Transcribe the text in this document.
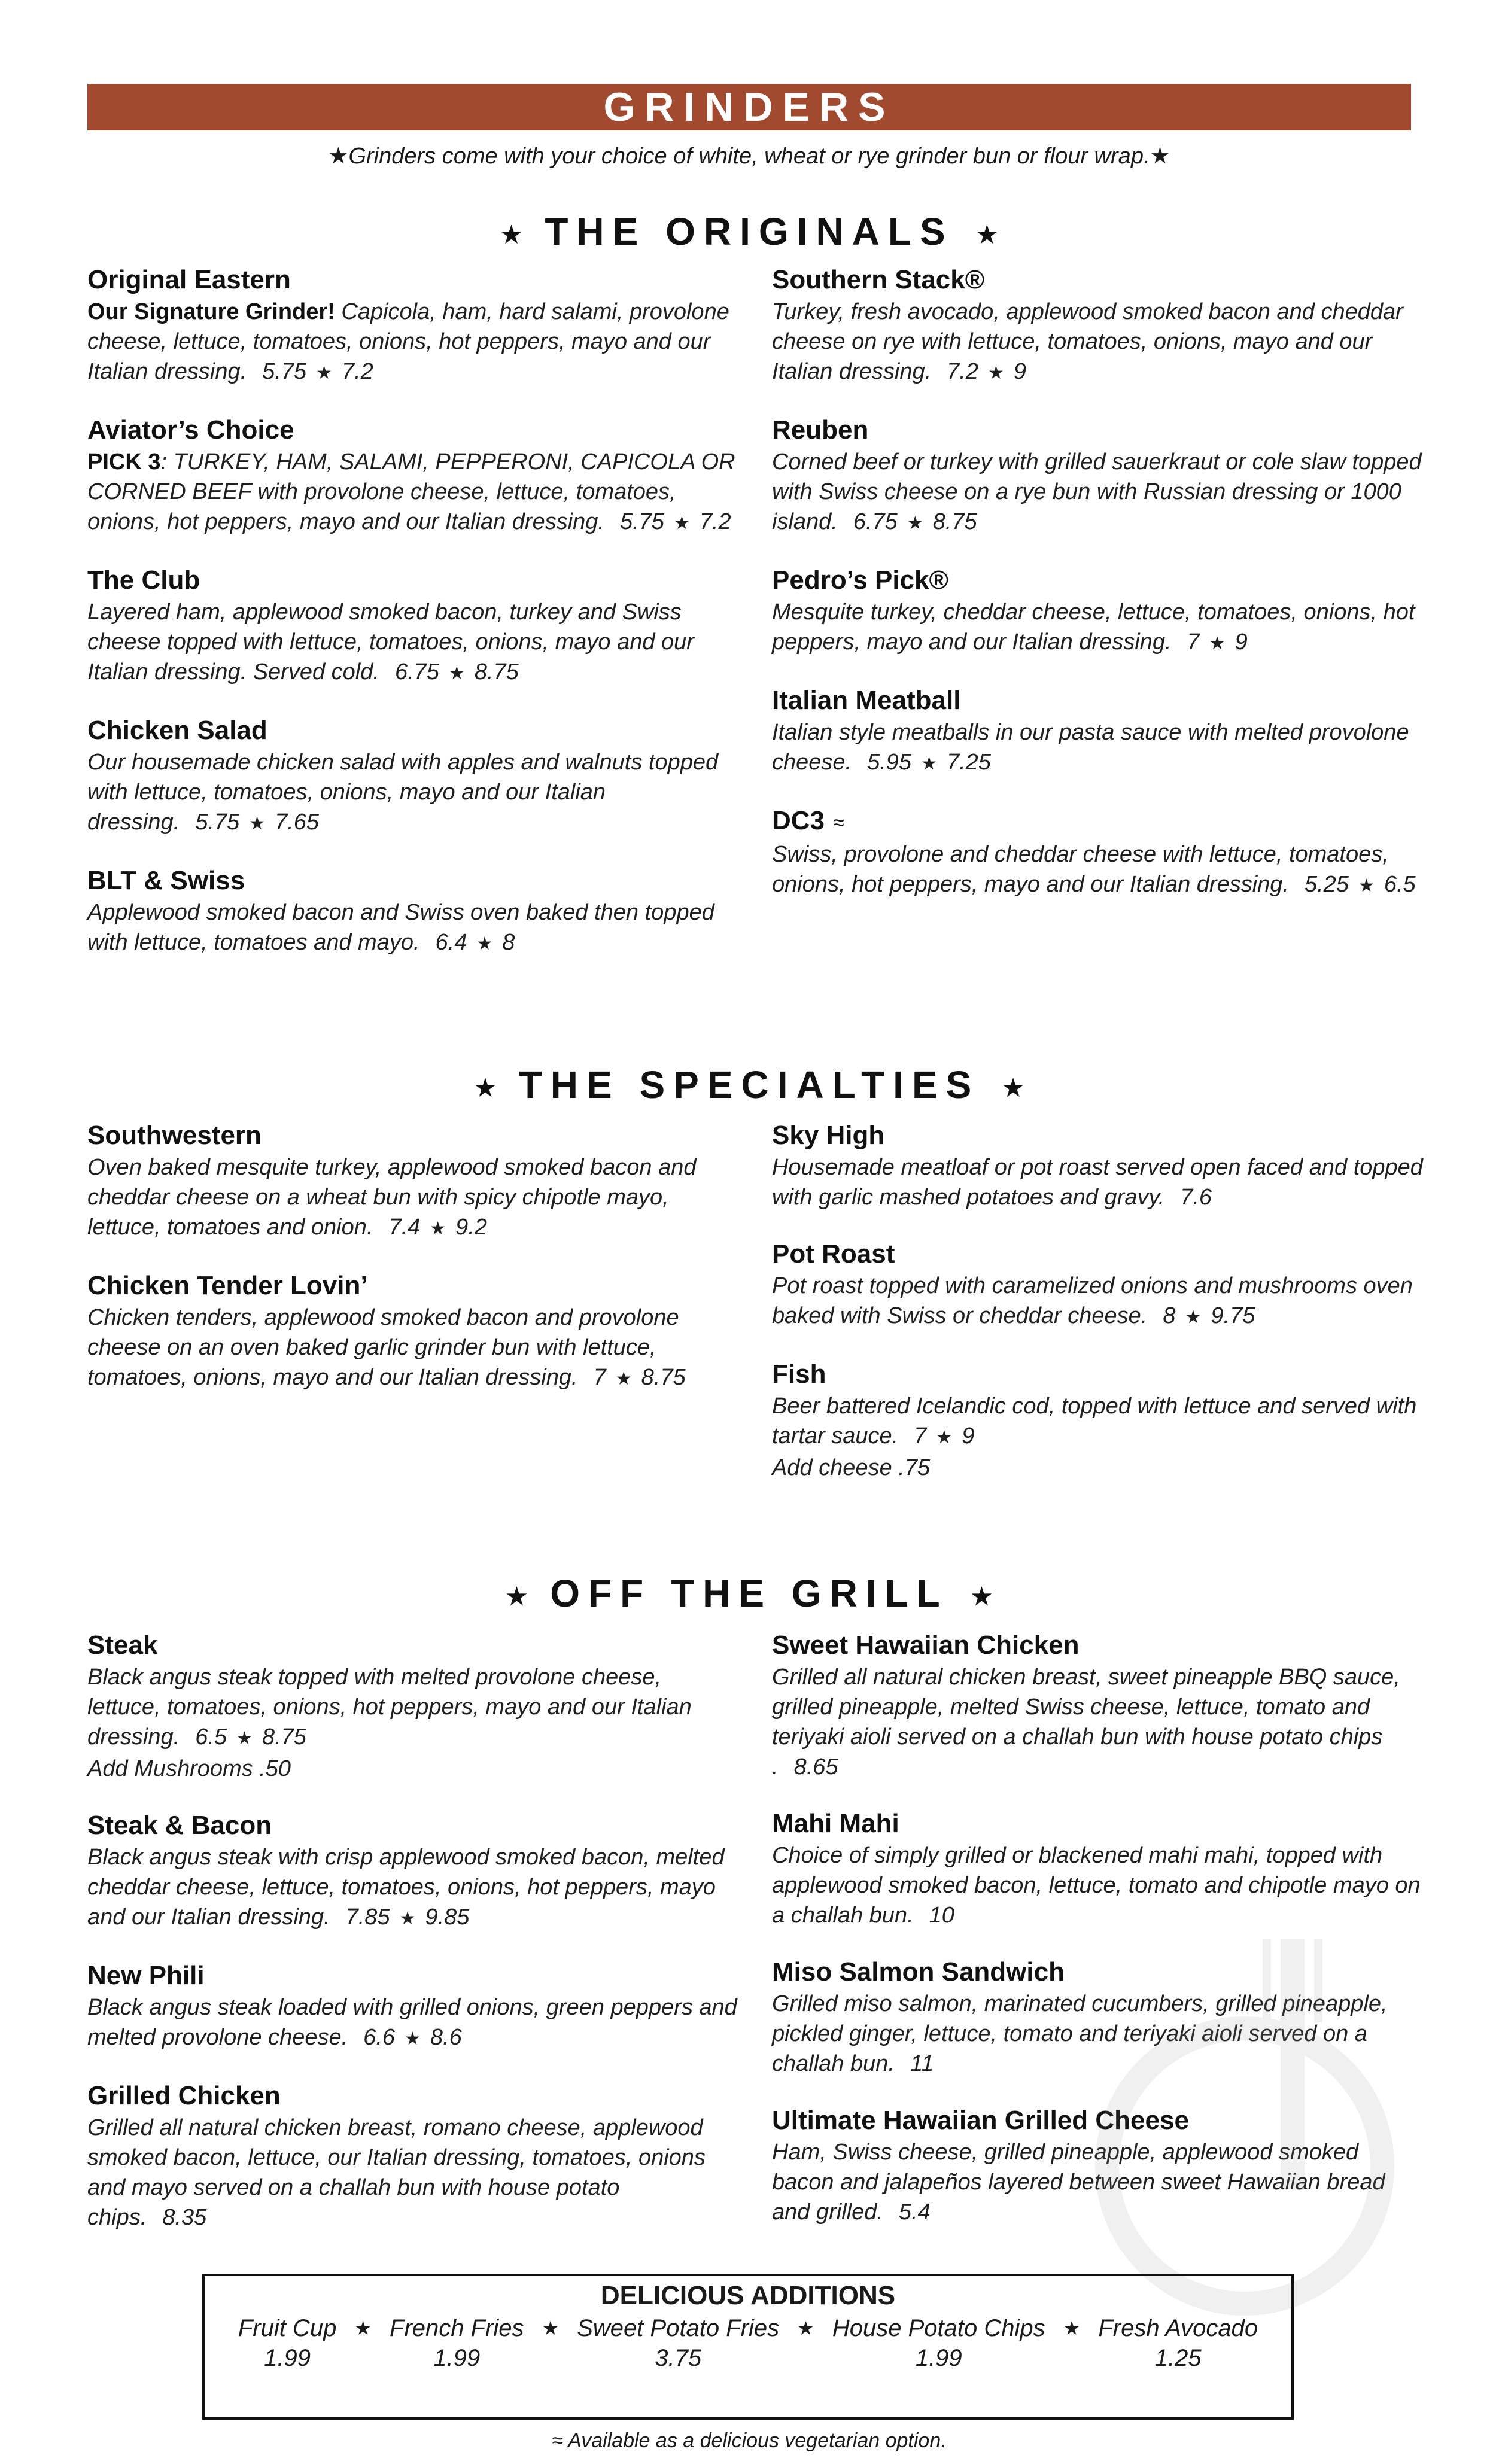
GRINDERS
★Grinders come with your choice of white, wheat or rye grinder bun or flour wrap.★
★ THE ORIGINALS ★
Original Eastern
Our Signature Grinder! Capicola, ham, hard salami, provolone cheese, lettuce, tomatoes, onions, hot peppers, mayo and our Italian dressing. 5.75 ★ 7.2
Aviator’s Choice
PICK 3: TURKEY, HAM, SALAMI, PEPPERONI, CAPICOLA OR CORNED BEEF with provolone cheese, lettuce, tomatoes, onions, hot peppers, mayo and our Italian dressing. 5.75 ★ 7.2
The Club
Layered ham, applewood smoked bacon, turkey and Swiss cheese topped with lettuce, tomatoes, onions, mayo and our Italian dressing. Served cold. 6.75 ★ 8.75
Chicken Salad
Our housemade chicken salad with apples and walnuts topped with lettuce, tomatoes, onions, mayo and our Italian dressing. 5.75 ★ 7.65
BLT & Swiss
Applewood smoked bacon and Swiss oven baked then topped with lettuce, tomatoes and mayo. 6.4 ★ 8
Southern Stack®
Turkey, fresh avocado, applewood smoked bacon and cheddar cheese on rye with lettuce, tomatoes, onions, mayo and our Italian dressing. 7.2 ★ 9
Reuben
Corned beef or turkey with grilled sauerkraut or cole slaw topped with Swiss cheese on a rye bun with Russian dressing or 1000 island. 6.75 ★ 8.75
Pedro’s Pick®
Mesquite turkey, cheddar cheese, lettuce, tomatoes, onions, hot peppers, mayo and our Italian dressing. 7 ★ 9
Italian Meatball
Italian style meatballs in our pasta sauce with melted provolone cheese. 5.95 ★ 7.25
DC3 ≈
Swiss, provolone and cheddar cheese with lettuce, tomatoes, onions, hot peppers, mayo and our Italian dressing. 5.25 ★ 6.5
★ THE SPECIALTIES ★
Southwestern
Oven baked mesquite turkey, applewood smoked bacon and cheddar cheese on a wheat bun with spicy chipotle mayo, lettuce, tomatoes and onion. 7.4 ★ 9.2
Chicken Tender Lovin’
Chicken tenders, applewood smoked bacon and provolone cheese on an oven baked garlic grinder bun with lettuce, tomatoes, onions, mayo and our Italian dressing. 7 ★ 8.75
Sky High
Housemade meatloaf or pot roast served open faced and topped with garlic mashed potatoes and gravy. 7.6
Pot Roast
Pot roast topped with caramelized onions and mushrooms oven baked with Swiss or cheddar cheese. 8 ★ 9.75
Fish
Beer battered Icelandic cod, topped with lettuce and served with tartar sauce. 7 ★ 9
Add cheese .75
★ OFF THE GRILL ★
Steak
Black angus steak topped with melted provolone cheese, lettuce, tomatoes, onions, hot peppers, mayo and our Italian dressing. 6.5 ★ 8.75
Add Mushrooms .50
Steak & Bacon
Black angus steak with crisp applewood smoked bacon, melted cheddar cheese, lettuce, tomatoes, onions, hot peppers, mayo and our Italian dressing. 7.85 ★ 9.85
New Phili
Black angus steak loaded with grilled onions, green peppers and melted provolone cheese. 6.6 ★ 8.6
Grilled Chicken
Grilled all natural chicken breast, romano cheese, applewood smoked bacon, lettuce, our Italian dressing, tomatoes, onions and mayo served on a challah bun with house potato chips. 8.35
Sweet Hawaiian Chicken
Grilled all natural chicken breast, sweet pineapple BBQ sauce, grilled pineapple, melted Swiss cheese, lettuce, tomato and teriyaki aioli served on a challah bun with house potato chips . 8.65
Mahi Mahi
Choice of simply grilled or blackened mahi mahi, topped with applewood smoked bacon, lettuce, tomato and chipotle mayo on a challah bun. 10
Miso Salmon Sandwich
Grilled miso salmon, marinated cucumbers, grilled pineapple, pickled ginger, lettuce, tomato and teriyaki aioli served on a challah bun. 11
Ultimate Hawaiian Grilled Cheese
Ham, Swiss cheese, grilled pineapple, applewood smoked bacon and jalapeños layered between sweet Hawaiian bread and grilled. 5.4
DELICIOUS ADDITIONS
Fruit Cup
1.99
★ French Fries
1.99
★ Sweet Potato Fries
3.75
★ House Potato Chips
1.99
★ Fresh Avocado
1.25
≈ Available as a delicious vegetarian option.
